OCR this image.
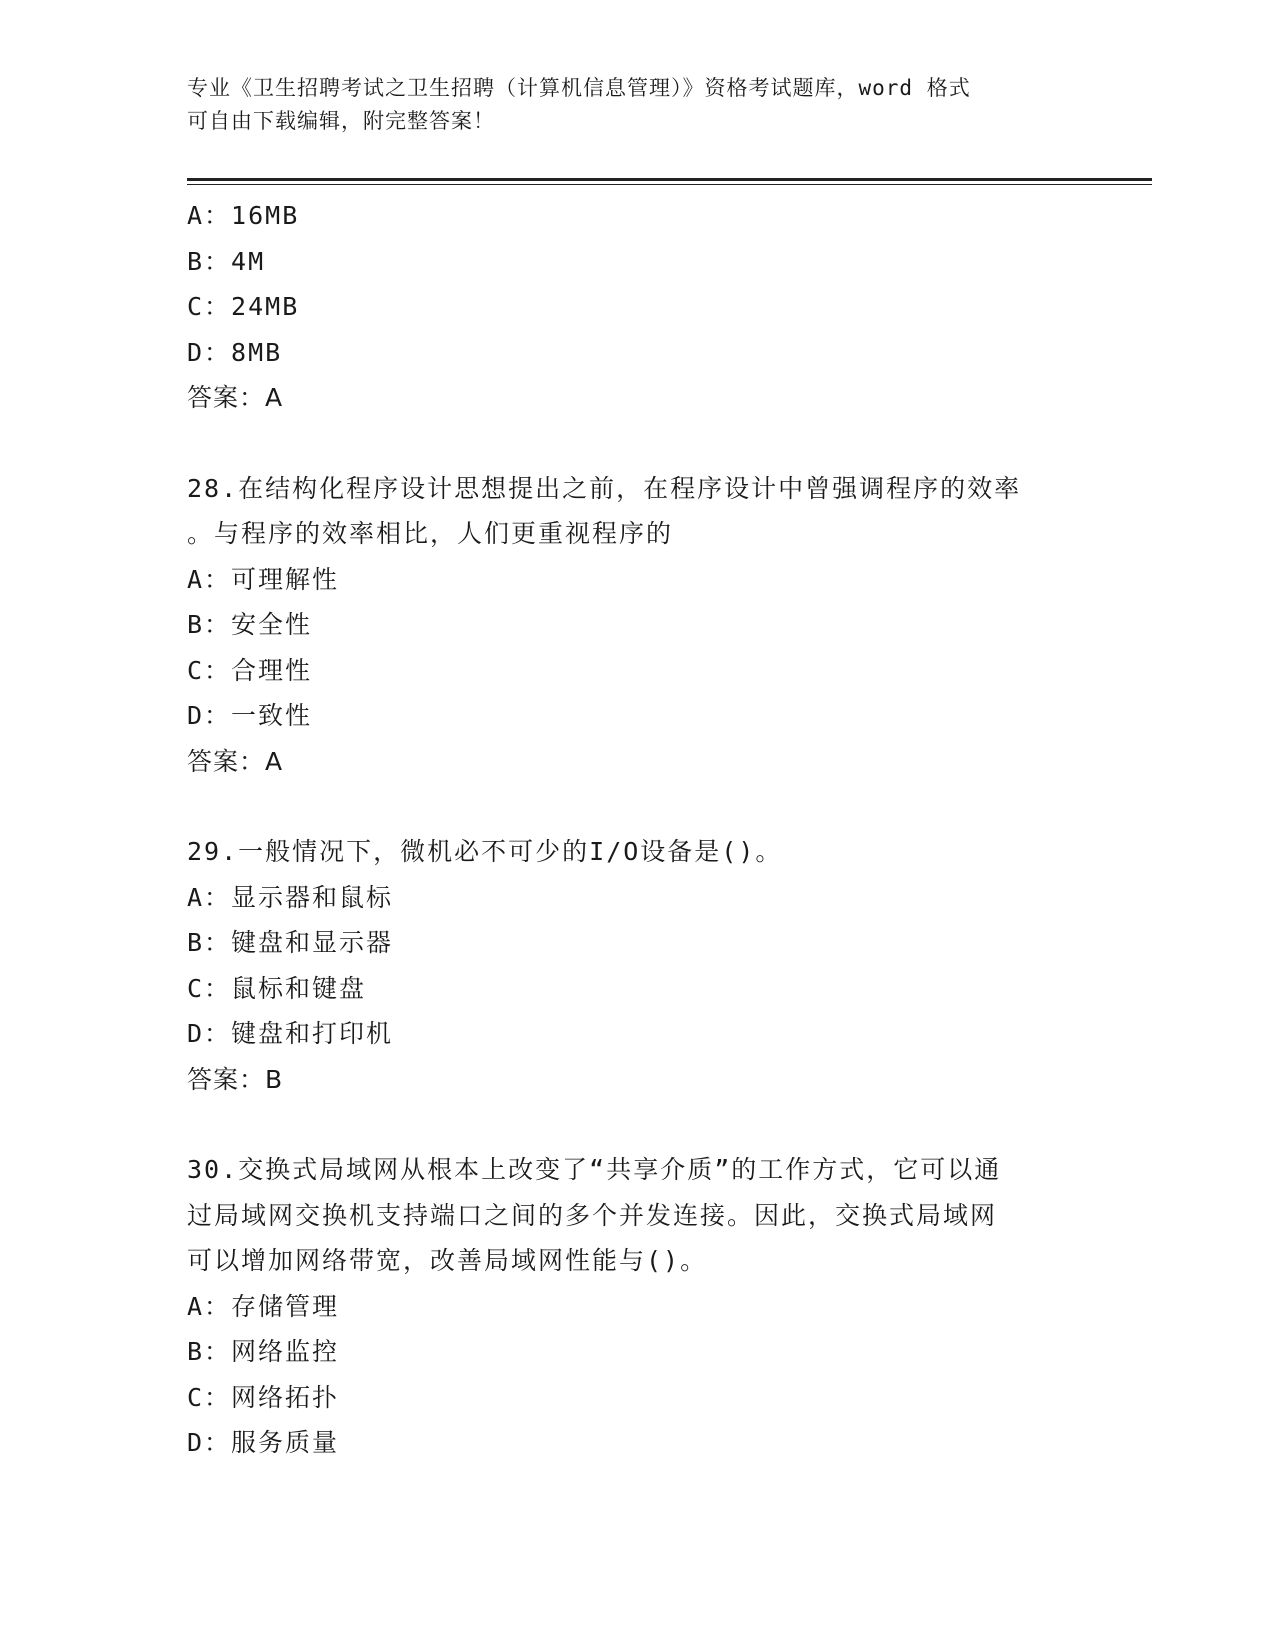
专业《卫生招聘考试之卫生招聘（计算机信息管理）》资格考试题库，word 格式
可自由下载编辑，附完整答案！
A：16MB
B：4M
C：24MB
D：8MB
答案：A
28.在结构化程序设计思想提出之前，在程序设计中曾强调程序的效率
。与程序的效率相比，人们更重视程序的
A：可理解性
B：安全性
C：合理性
D：一致性
答案：A
29.一般情况下，微机必不可少的I/O设备是()。
A：显示器和鼠标
B：键盘和显示器
C：鼠标和键盘
D：键盘和打印机
答案：B
30.交换式局域网从根本上改变了“共享介质”的工作方式，它可以通
过局域网交换机支持端口之间的多个并发连接。因此，交换式局域网
可以增加网络带宽，改善局域网性能与()。
A：存储管理
B：网络监控
C：网络拓扑
D：服务质量
